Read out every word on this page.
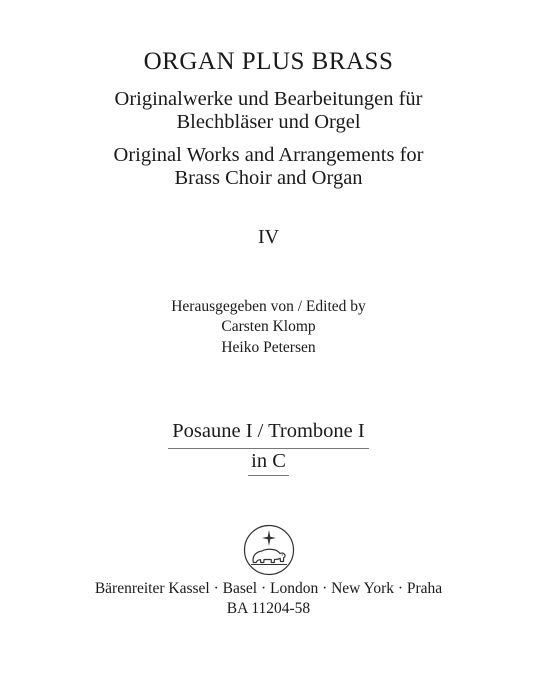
ORGAN PLUS BRASS
Originalwerke und Bearbeitungen für
Blechbläser und Orgel
Original Works and Arrangements for
Brass Choir and Organ
IV
Herausgegeben von / Edited by
Carsten Klomp
Heiko Petersen
Posaune I / Trombone I
in C
Bärenreiter Kassel · Basel · London · New York · Praha
BA 11204-58
